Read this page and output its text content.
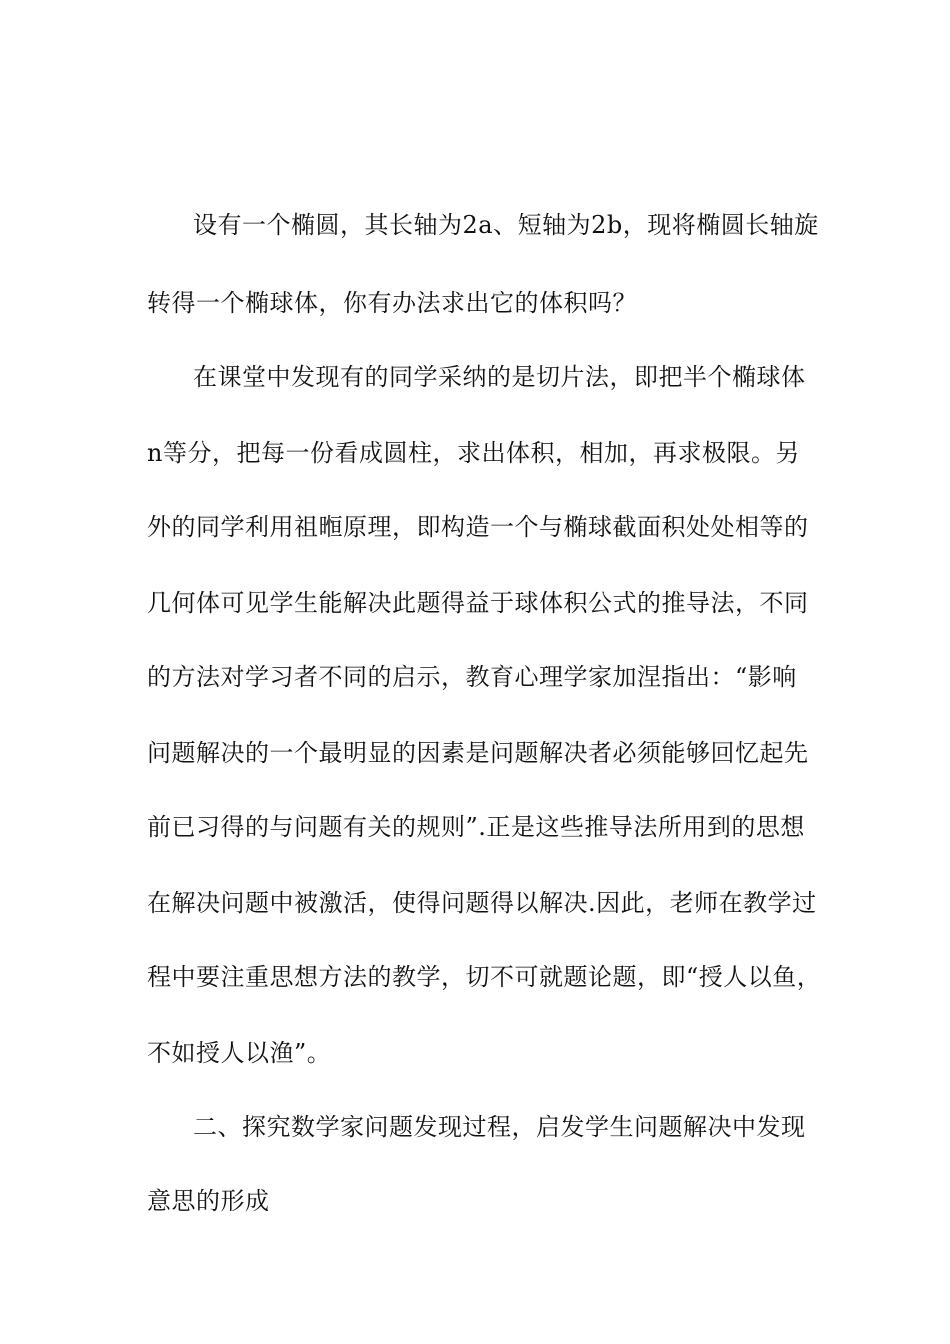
设有一个椭圆，其长轴为2a、短轴为2b，现将椭圆长轴旋
转得一个椭球体，你有办法求出它的体积吗？
在课堂中发现有的同学采纳的是切片法，即把半个椭球体
n等分，把每一份看成圆柱，求出体积，相加，再求极限。另
外的同学利用祖暅原理，即构造一个与椭球截面积处处相等的
几何体可见学生能解决此题得益于球体积公式的推导法，不同
的方法对学习者不同的启示，教育心理学家加涅指出：“影响
问题解决的一个最明显的因素是问题解决者必须能够回忆起先
前已习得的与问题有关的规则”.正是这些推导法所用到的思想
在解决问题中被激活，使得问题得以解决.因此，老师在教学过
程中要注重思想方法的教学，切不可就题论题，即“授人以鱼，
不如授人以渔”。
二、探究数学家问题发现过程，启发学生问题解决中发现
意思的形成
